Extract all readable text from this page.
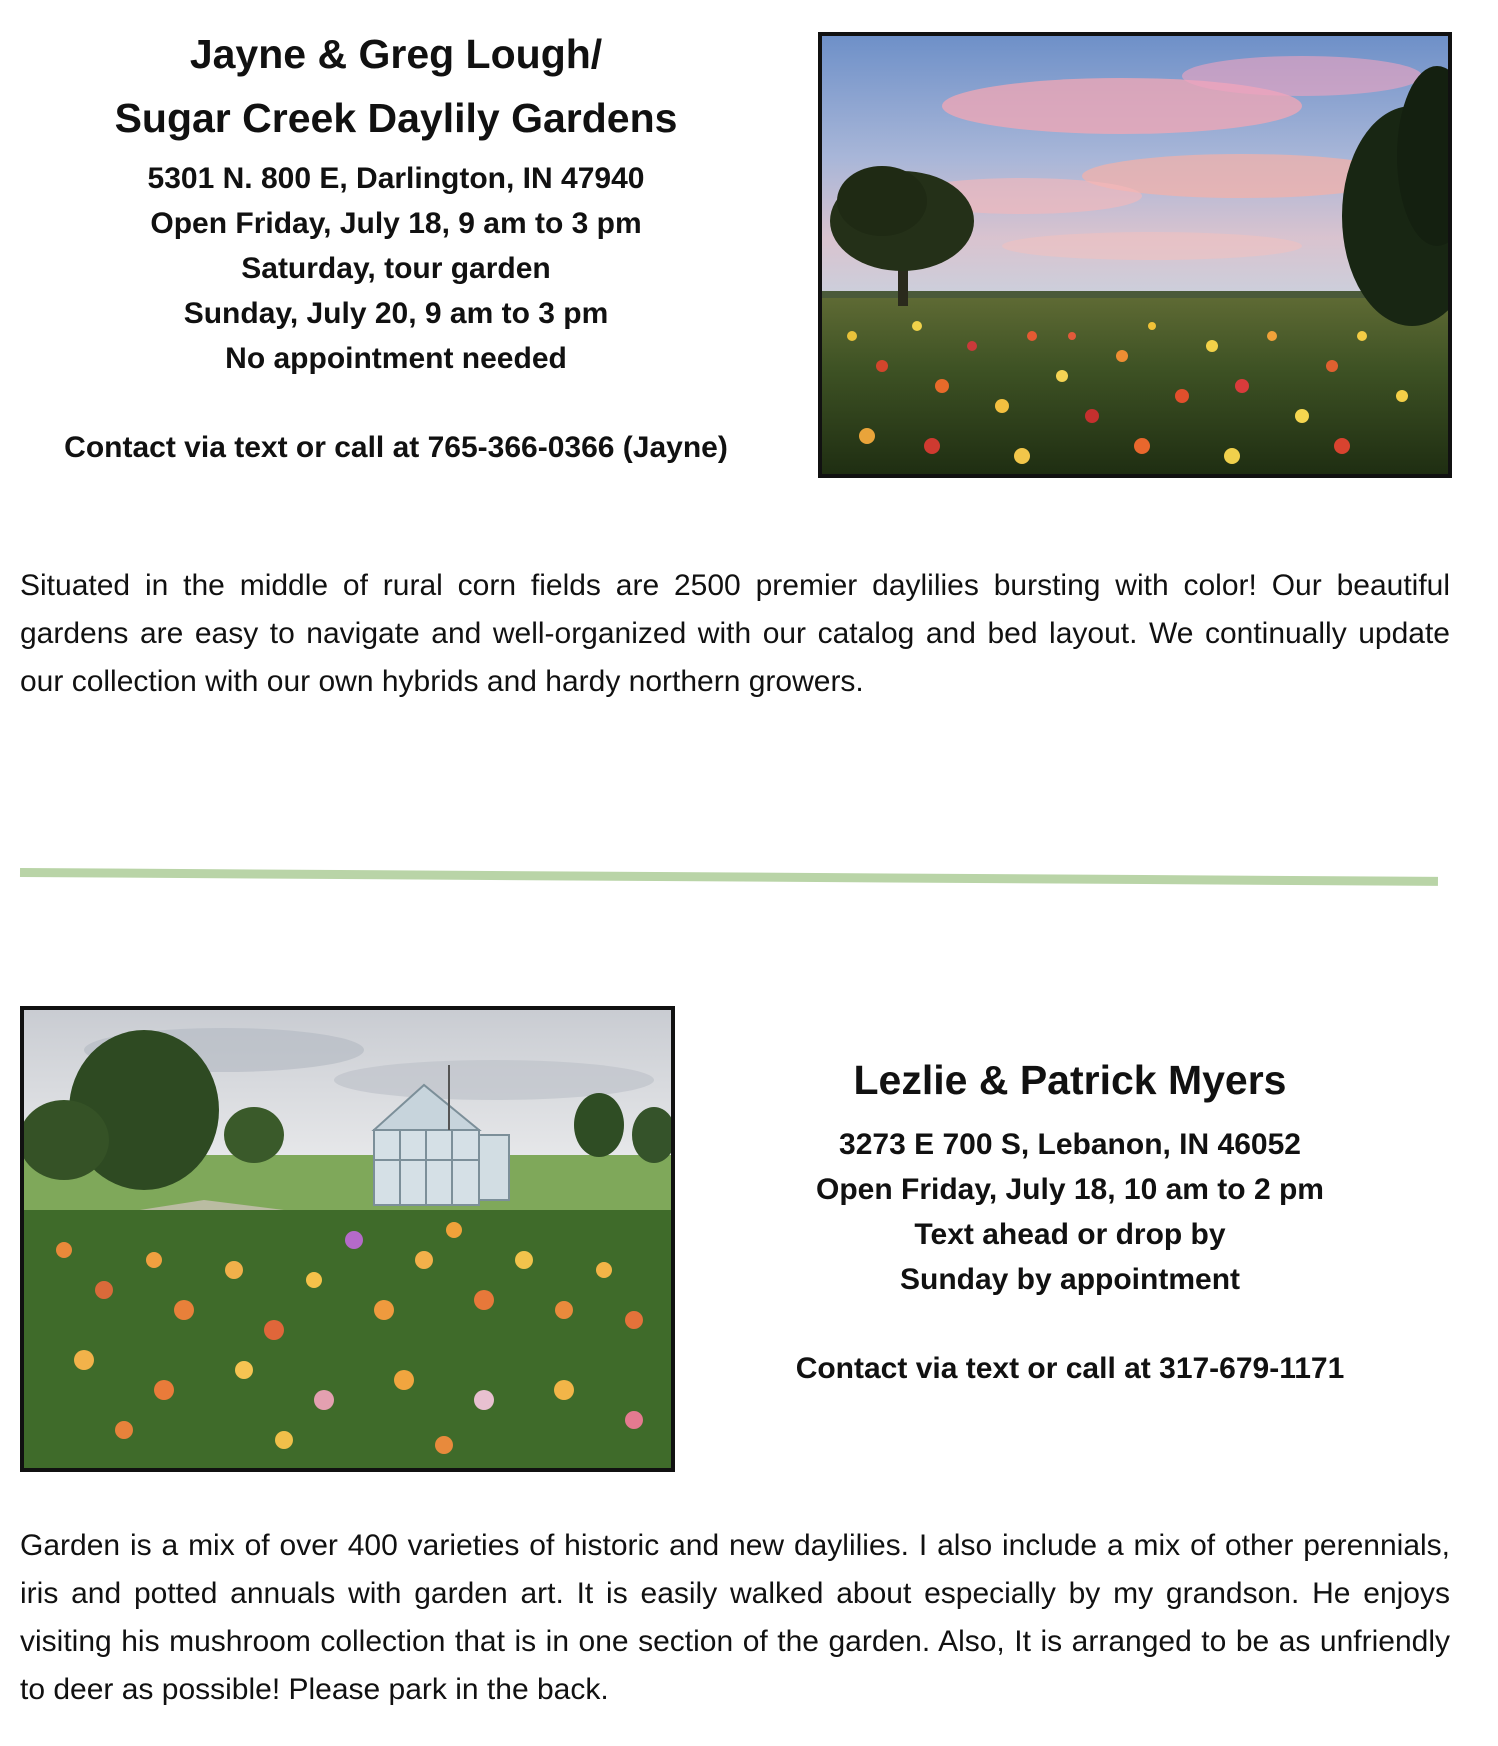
Jayne & Greg Lough/

Sugar Creek Daylily Gardens

5301 N. 800 E, Darlington, IN 47940

Open Friday, July 18, 9 am to 3 pm

Saturday, tour garden

Sunday, July 20, 9 am to 3 pm

No appointment needed

Contact via text or call at 765-366-0366 (Jayne)

Situated in the middle of rural corn fields are 2500 premier daylilies bursting with color! Our beautiful gardens are easy to navigate and well-organized with our catalog and bed layout. We continually update our collection with our own hybrids and hardy northern growers.

Lezlie & Patrick Myers

3273 E 700 S, Lebanon, IN 46052

Open Friday, July 18, 10 am to 2 pm

Text ahead or drop by

Sunday by appointment

Contact via text or call at 317-679-1171

Garden is a mix of over 400 varieties of historic and new daylilies. I also include a mix of other perennials, iris and potted annuals with garden art. It is easily walked about especially by my grandson. He enjoys visiting his mushroom collection that is in one section of the garden. Also, It is arranged to be as unfriendly to deer as possible! Please park in the back.
